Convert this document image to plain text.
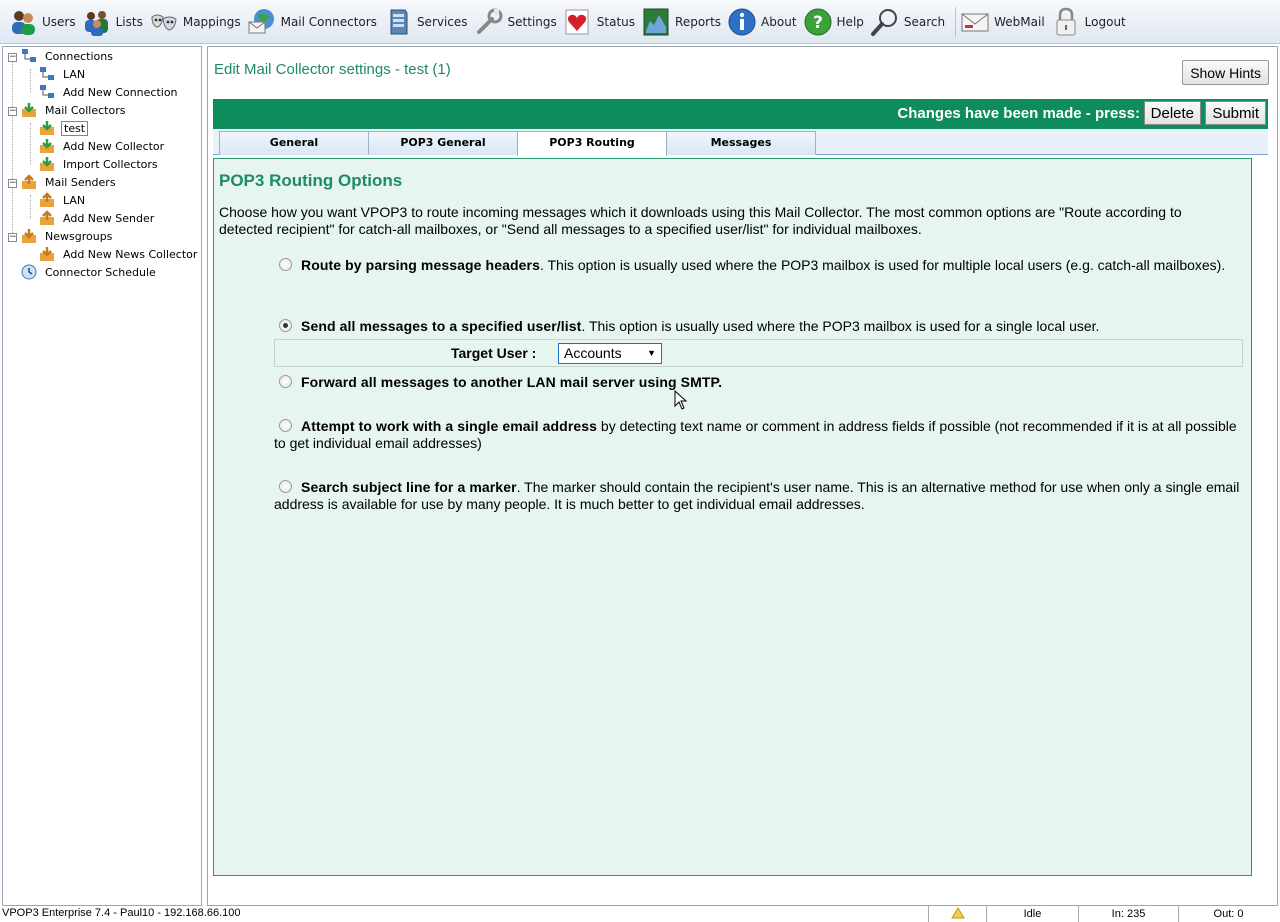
Users	Lists	Mappings	Mail Connectors	Services	Settings	Status	Reports	About ? Help	Search	WebMail	Logout
−	Connections
LAN
Add New Connection
−	Mail Collectors
test
Add New Collector
Import Collectors
−	Mail Senders
LAN
Add New Sender
−	Newsgroups
Add New News Collector
Connector Schedule
Edit Mail Collector settings - test (1)	Show Hints
Changes have been made - press: Delete	Submit
General	POP3 General	POP3 Routing	Messages
POP3 Routing Options
Choose how you want VPOP3 to route incoming messages which it downloads using this Mail Collector. The most common options are "Route according to detected recipient" for catch-all mailboxes, or "Send all messages to a specified user/list" for individual mailboxes.
Route by parsing message headers. This option is usually used where the POP3 mailbox is used for multiple local users (e.g. catch-all mailboxes).
Send all messages to a specified user/list. This option is usually used where the POP3 mailbox is used for a single local user.
Target User :	Accounts	▼
Forward all messages to another LAN mail server using SMTP.
Attempt to work with a single email address by detecting text name or comment in address fields if possible (not recommended if it is at all possible to get individual email addresses)
Search subject line for a marker. The marker should contain the recipient's user name. This is an alternative method for use when only a single email address is available for use by many people. It is much better to get individual email addresses.
VPOP3 Enterprise 7.4 - Paul10 - 192.168.66.100	Idle	In: 235	Out: 0
